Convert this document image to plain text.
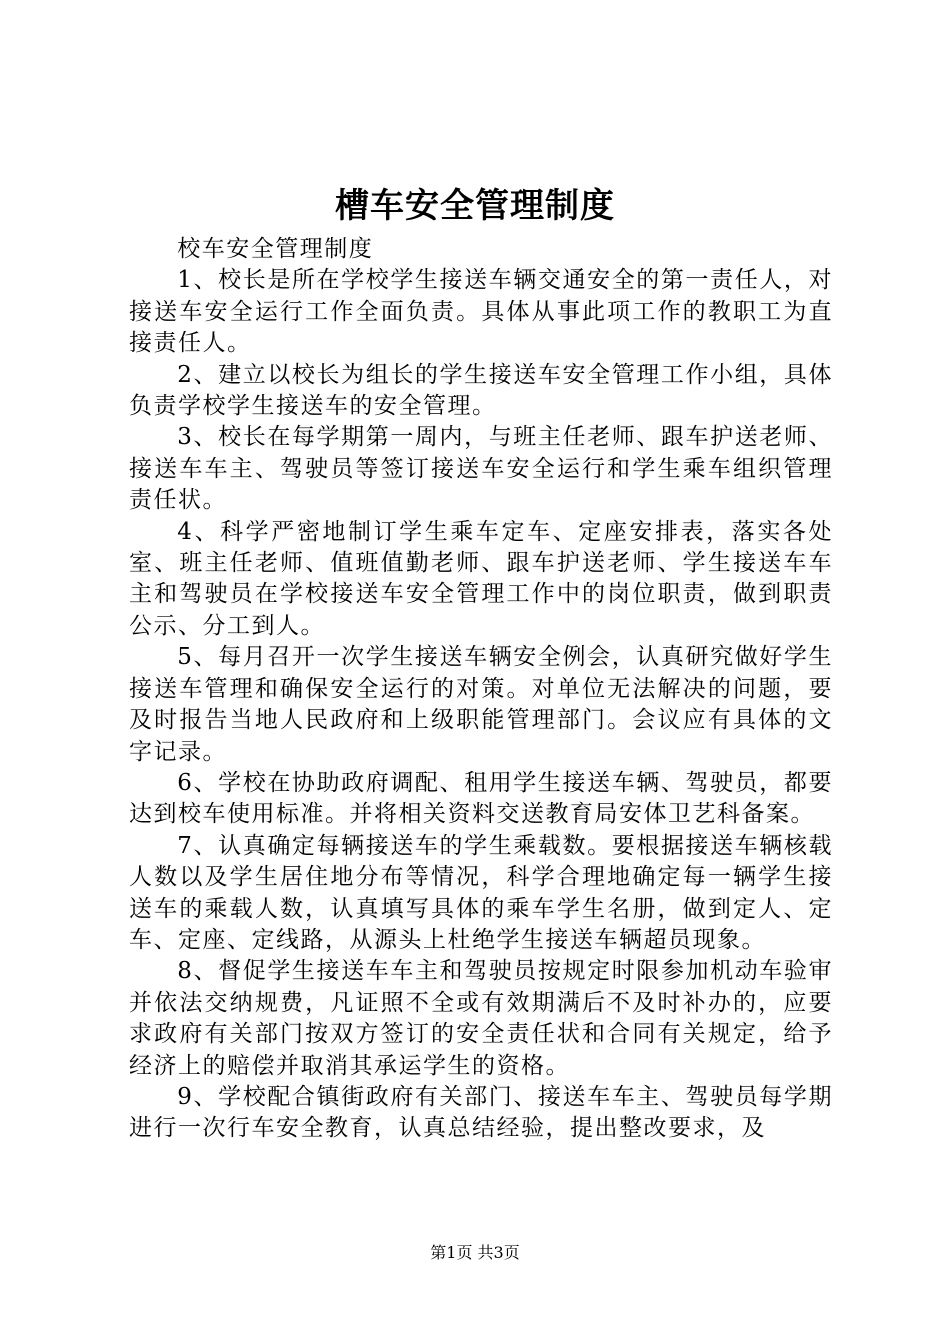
槽车安全管理制度

校车安全管理制度

1、校长是所在学校学生接送车辆交通安全的第一责任人，对接送车安全运行工作全面负责。具体从事此项工作的教职工为直接责任人。

2、建立以校长为组长的学生接送车安全管理工作小组，具体负责学校学生接送车的安全管理。

3、校长在每学期第一周内，与班主任老师、跟车护送老师、接送车车主、驾驶员等签订接送车安全运行和学生乘车组织管理责任状。

4、科学严密地制订学生乘车定车、定座安排表，落实各处室、班主任老师、值班值勤老师、跟车护送老师、学生接送车车主和驾驶员在学校接送车安全管理工作中的岗位职责，做到职责公示、分工到人。

5、每月召开一次学生接送车辆安全例会，认真研究做好学生接送车管理和确保安全运行的对策。对单位无法解决的问题，要及时报告当地人民政府和上级职能管理部门。会议应有具体的文字记录。

6、学校在协助政府调配、租用学生接送车辆、驾驶员，都要达到校车使用标准。并将相关资料交送教育局安体卫艺科备案。

7、认真确定每辆接送车的学生乘载数。要根据接送车辆核载人数以及学生居住地分布等情况，科学合理地确定每一辆学生接送车的乘载人数，认真填写具体的乘车学生名册，做到定人、定车、定座、定线路，从源头上杜绝学生接送车辆超员现象。

8、督促学生接送车车主和驾驶员按规定时限参加机动车验审并依法交纳规费，凡证照不全或有效期满后不及时补办的，应要求政府有关部门按双方签订的安全责任状和合同有关规定，给予经济上的赔偿并取消其承运学生的资格。

9、学校配合镇街政府有关部门、接送车车主、驾驶员每学期进行一次行车安全教育，认真总结经验，提出整改要求，及

第1页 共3页
